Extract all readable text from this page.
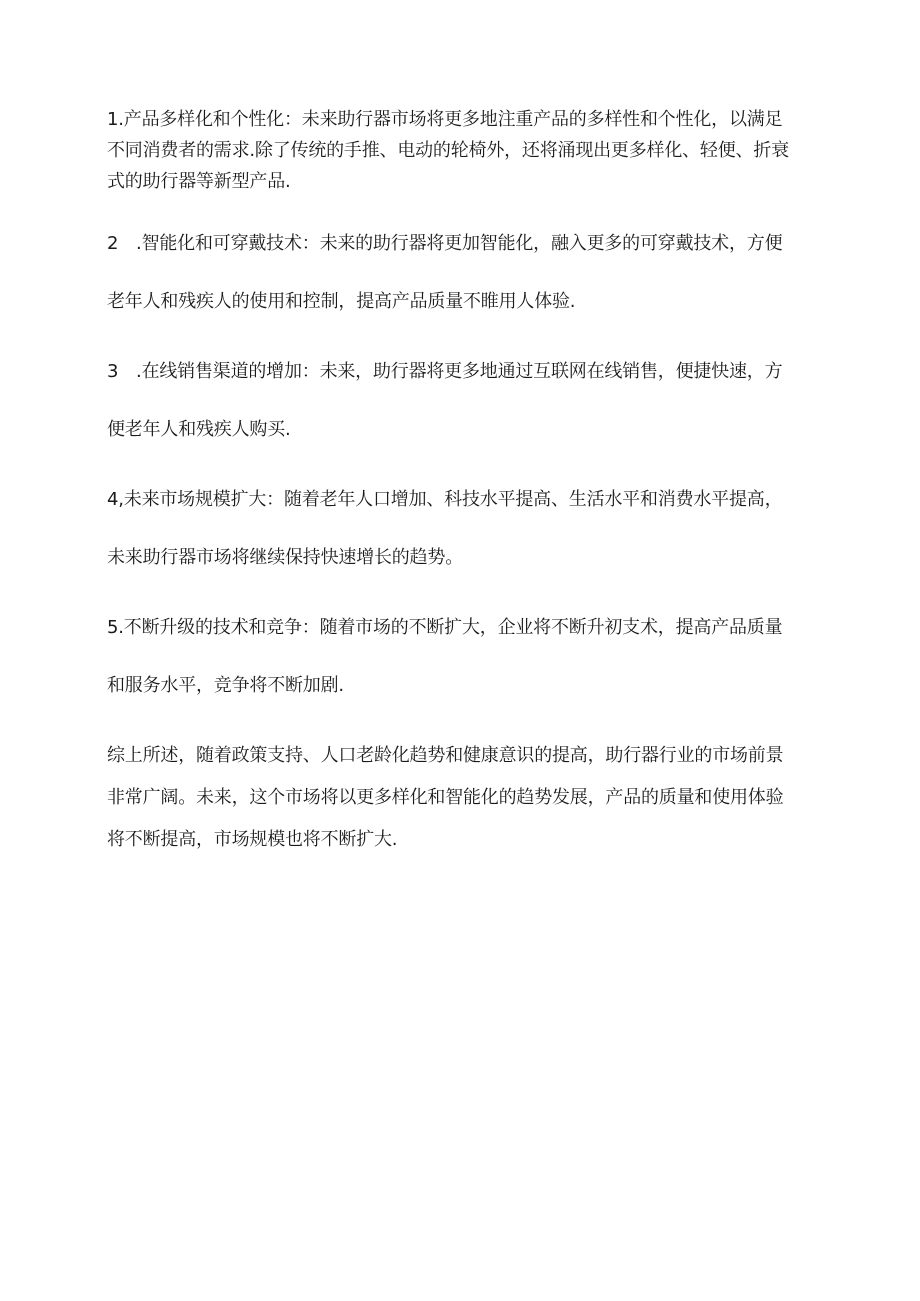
1.产品多样化和个性化：未来助行器市场将更多地注重产品的多样性和个性化，以满足
不同消费者的需求.除了传统的手推、电动的轮椅外，还将涌现出更多样化、轻便、折衰
式的助行器等新型产品.

2　.智能化和可穿戴技术：未来的助行器将更加智能化，融入更多的可穿戴技术，方便
老年人和残疾人的使用和控制，提高产品质量不睢用人体验.

3　.在线销售渠道的增加：未来，助行器将更多地通过互联网在线销售，便捷快速，方
便老年人和残疾人购买.

4,未来市场规模扩大：随着老年人口增加、科技水平提高、生活水平和消费水平提高，
未来助行器市场将继续保持快速增长的趋势。

5.不断升级的技术和竞争：随着市场的不断扩大，企业将不断升初支术，提高产品质量
和服务水平，竞争将不断加剧.

综上所述，随着政策支持、人口老龄化趋势和健康意识的提高，助行器行业的市场前景
非常广阔。未来，这个市场将以更多样化和智能化的趋势发展，产品的质量和使用体验
将不断提高，市场规模也将不断扩大.
